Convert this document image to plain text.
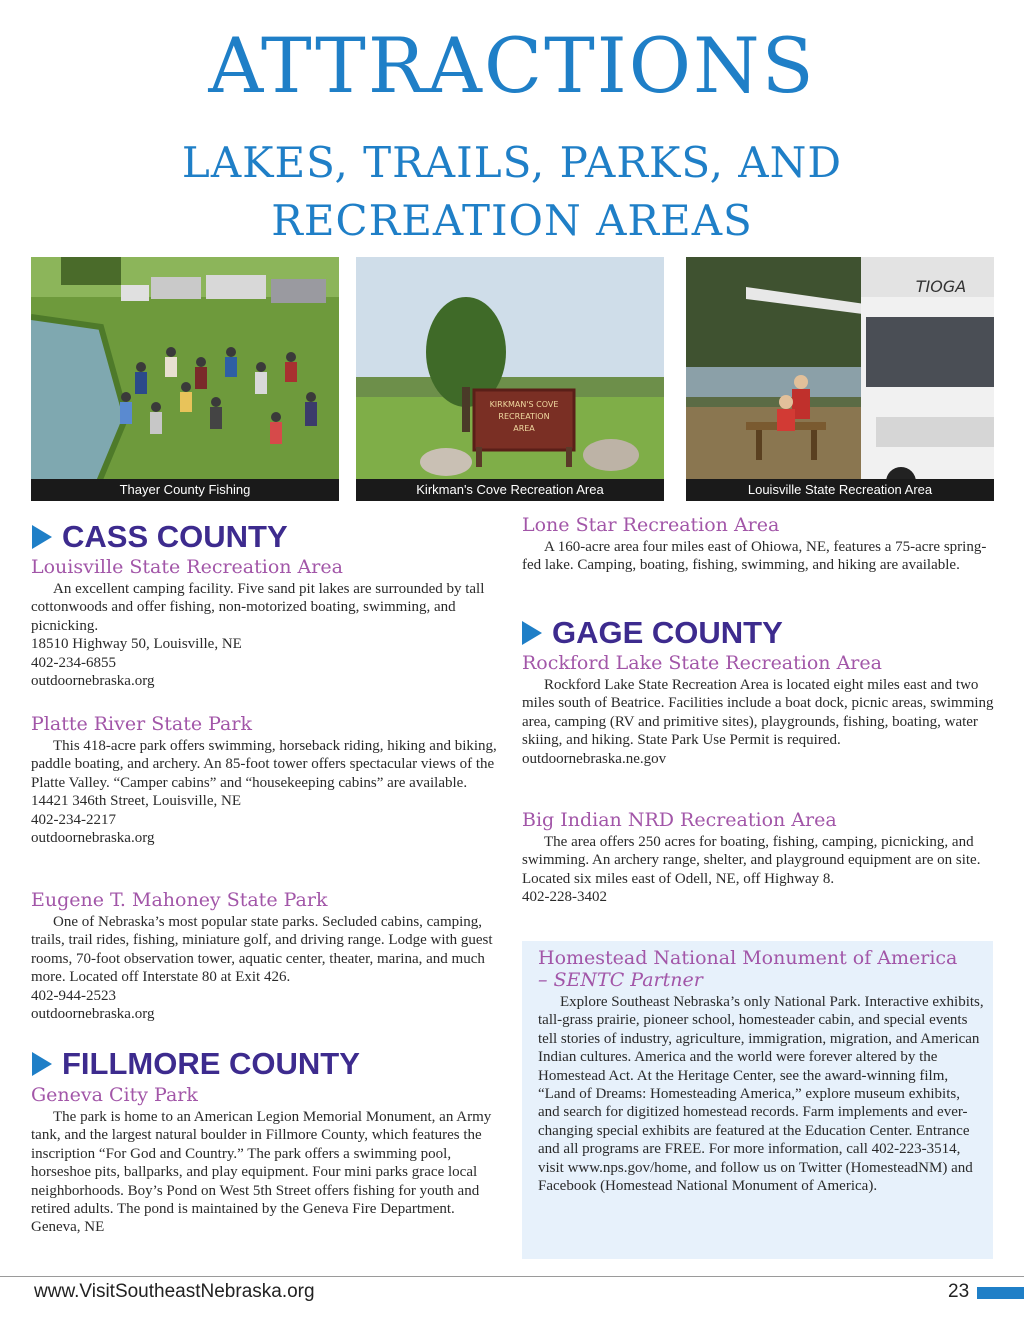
ATTRACTIONS
LAKES, TRAILS, PARKS, AND
RECREATION AREAS
Thayer County Fishing
KIRKMAN'S COVE
RECREATION
AREA
Kirkman's Cove Recreation Area
TIOGA
Louisville State Recreation Area
CASS COUNTY

Louisville State Recreation Area

An excellent camping facility. Five sand pit lakes are surrounded by tall cottonwoods and offer fishing, non-motorized boating, swimming, and picnicking.

18510 Highway 50, Louisville, NE
402-234-6855
outdoornebraska.org

Platte River State Park

This 418-acre park offers swimming, horseback riding, hiking and biking, paddle boating, and archery. An 85-foot tower offers spectacular views of the Platte Valley. “Camper cabins” and “housekeeping cabins” are available.

14421 346th Street, Louisville, NE
402-234-2217
outdoornebraska.org

Eugene T. Mahoney State Park

One of Nebraska’s most popular state parks. Secluded cabins, camping, trails, trail rides, fishing, miniature golf, and driving range. Lodge with guest rooms, 70-foot observation tower, aquatic center, theater, marina, and much more. Located off Interstate 80 at Exit 426.

402-944-2523
outdoornebraska.org
FILLMORE COUNTY

Geneva City Park

The park is home to an American Legion Memorial Monument, an Army tank, and the largest natural boulder in Fillmore County, which features the inscription “For God and Country.” The park offers a swimming pool, horseshoe pits, ballparks, and play equipment. Four mini parks grace local neighborhoods. Boy’s Pond on West 5th Street offers fishing for youth and retired adults. The pond is maintained by the Geneva Fire Department.

Geneva, NE

Lone Star Recreation Area

A 160-acre area four miles east of Ohiowa, NE, features a 75-acre spring-fed lake. Camping, boating, fishing, swimming, and hiking are available.

GAGE COUNTY

Rockford Lake State Recreation Area

Rockford Lake State Recreation Area is located eight miles east and two miles south of Beatrice. Facilities include a boat dock, picnic areas, swimming area, camping (RV and primitive sites), playgrounds, fishing, boating, water skiing, and hiking. State Park Use Permit is required.

outdoornebraska.ne.gov

Big Indian NRD Recreation Area

The area offers 250 acres for boating, fishing, camping, picnicking, and swimming. An archery range, shelter, and playground equipment are on site. Located six miles east of Odell, NE, off Highway 8.

402-228-3402

Homestead National Monument of America

– SENTC Partner

Explore Southeast Nebraska’s only National Park. Interactive exhibits, tall-grass prairie, pioneer school, homesteader cabin, and special events tell stories of industry, agriculture, immigration, migration, and American Indian cultures. America and the world were forever altered by the Homestead Act. At the Heritage Center, see the award-winning film, “Land of Dreams: Homesteading America,” explore museum exhibits, and search for digitized homestead records. Farm implements and ever-changing special exhibits are featured at the Education Center. Entrance and all programs are FREE. For more information, call 402-223-3514, visit www.nps.gov/home, and follow us on Twitter (HomesteadNM) and Facebook (Homestead National Monument of America).

www.VisitSoutheastNebraska.org	23
